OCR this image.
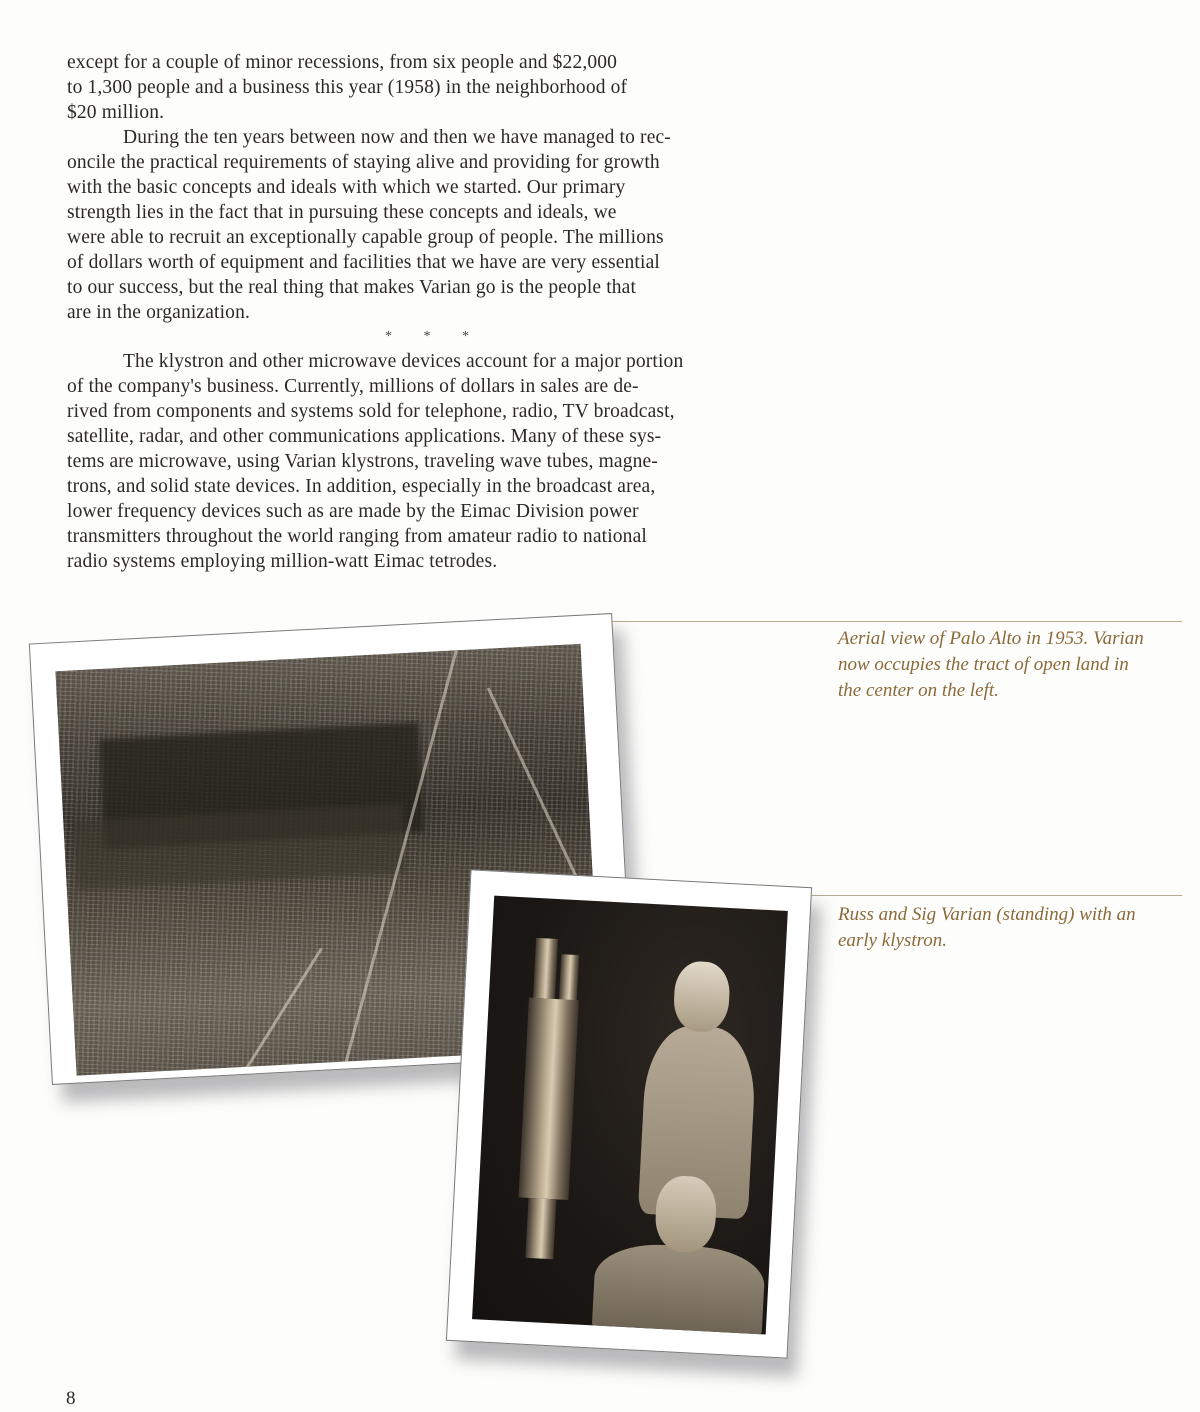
except for a couple of minor recessions, from six people and $22,000
to 1,300 people and a business this year (1958) in the neighborhood of
$20 million.

During the ten years between now and then we have managed to rec-
oncile the practical requirements of staying alive and providing for growth
with the basic concepts and ideals with which we started. Our primary
strength lies in the fact that in pursuing these concepts and ideals, we
were able to recruit an exceptionally capable group of people. The millions
of dollars worth of equipment and facilities that we have are very essential
to our success, but the real thing that makes Varian go is the people that
are in the organization.

* * *

The klystron and other microwave devices account for a major portion
of the company's business. Currently, millions of dollars in sales are de-
rived from components and systems sold for telephone, radio, TV broadcast,
satellite, radar, and other communications applications. Many of these sys-
tems are microwave, using Varian klystrons, traveling wave tubes, magne-
trons, and solid state devices. In addition, especially in the broadcast area,
lower frequency devices such as are made by the Eimac Division power
transmitters throughout the world ranging from amateur radio to national
radio systems employing million-watt Eimac tetrodes.

Aerial view of Palo Alto in 1953. Varian
now occupies the tract of open land in
the center on the left.
Russ and Sig Varian (standing) with an
early klystron.
8
